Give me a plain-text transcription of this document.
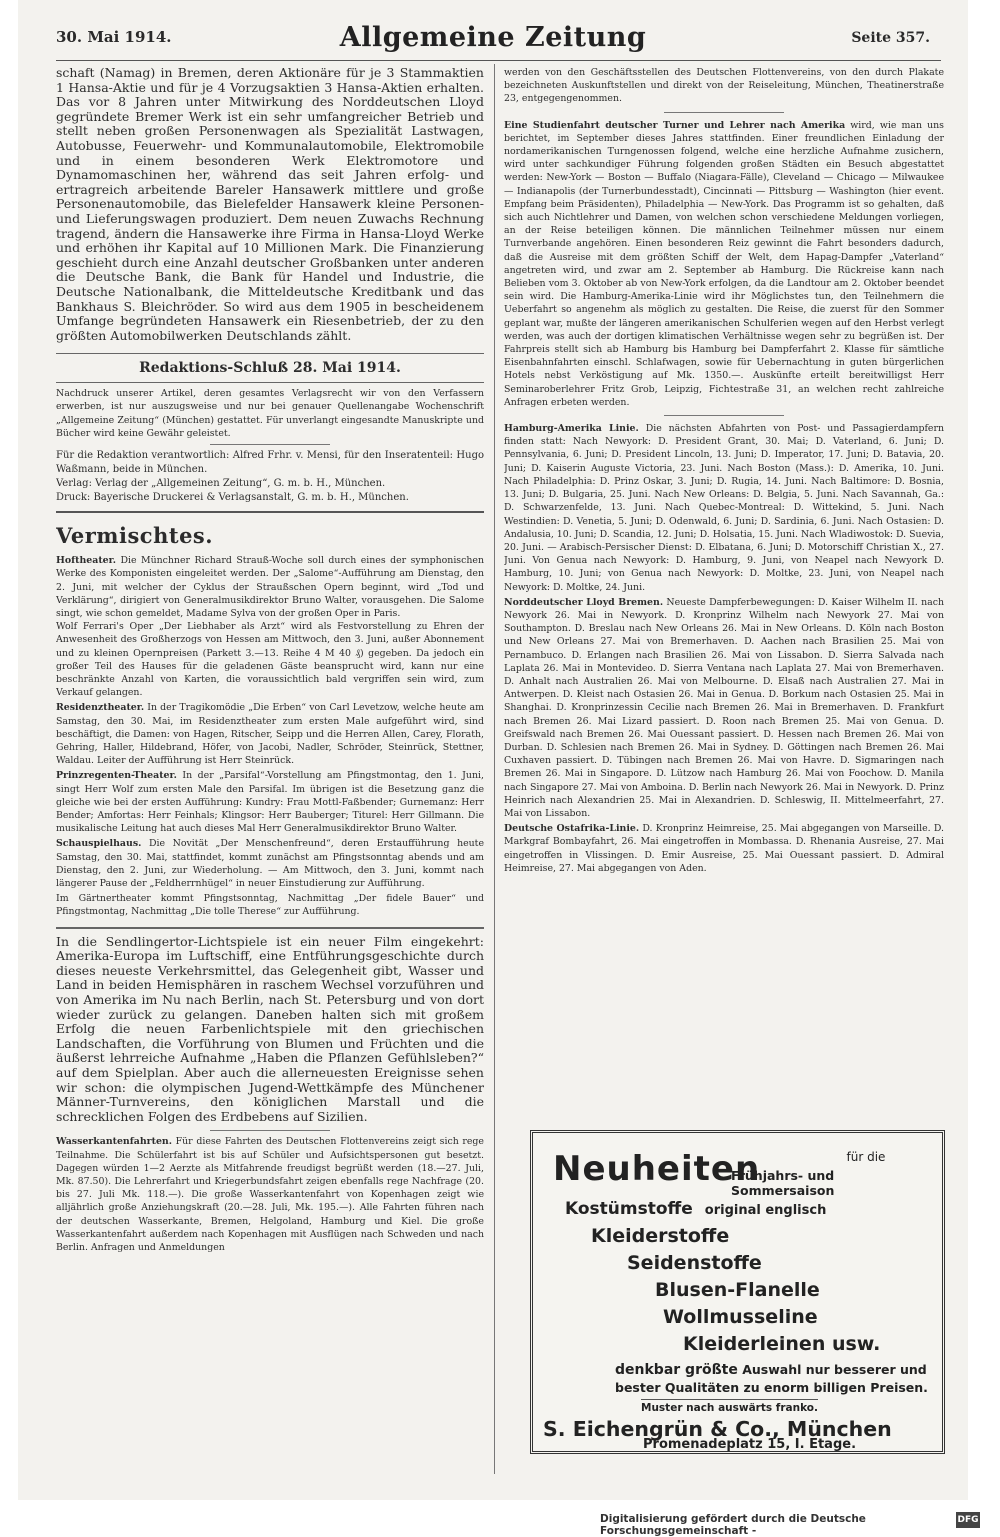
30. Mai 1914.	Allgemeine Zeitung	Seite 357.

schaft (Namag) in Bremen, deren Aktionäre für je 3 Stammaktien 1 Hansa-Aktie und für je 4 Vorzugsaktien 3 Hansa-Aktien erhalten. Das vor 8 Jahren unter Mitwirkung des Norddeutschen Lloyd gegründete Bremer Werk ist ein sehr umfangreicher Betrieb und stellt neben großen Personenwagen als Spezialität Lastwagen, Autobusse, Feuerwehr- und Kommunalautomobile, Elektromobile und in einem besonderen Werk Elektromotore und Dynamomaschinen her, während das seit Jahren erfolg- und ertragreich arbeitende Bareler Hansawerk mittlere und große Personenautomobile, das Bielefelder Hansawerk kleine Personen- und Lieferungswagen produziert. Dem neuen Zuwachs Rechnung tragend, ändern die Hansawerke ihre Firma in Hansa-Lloyd Werke und erhöhen ihr Kapital auf 10 Millionen Mark. Die Finanzierung geschieht durch eine Anzahl deutscher Großbanken unter anderen die Deutsche Bank, die Bank für Handel und Industrie, die Deutsche Nationalbank, die Mitteldeutsche Kreditbank und das Bankhaus S. Bleichröder. So wird aus dem 1905 in bescheidenem Umfange begründeten Hansawerk ein Riesenbetrieb, der zu den größten Automobilwerken Deutschlands zählt.

Redaktions-Schluß 28. Mai 1914.

Nachdruck unserer Artikel, deren gesamtes Verlagsrecht wir von den Verfassern erwerben, ist nur auszugsweise und nur bei genauer Quellenangabe Wochenschrift „Allgemeine Zeitung“ (München) gestattet. Für unverlangt eingesandte Manuskripte und Bücher wird keine Gewähr geleistet.

Für die Redaktion verantwortlich: Alfred Frhr. v. Mensi, für den Inseratenteil: Hugo Waßmann, beide in München.

Verlag: Verlag der „Allgemeinen Zeitung“, G. m. b. H., München.

Druck: Bayerische Druckerei & Verlagsanstalt, G. m. b. H., München.

Vermischtes.

Hoftheater. Die Münchner Richard Strauß-Woche soll durch eines der symphonischen Werke des Komponisten eingeleitet werden. Der „Salome“-Aufführung am Dienstag, den 2. Juni, mit welcher der Cyklus der Straußschen Opern beginnt, wird „Tod und Verklärung“, dirigiert von Generalmusikdirektor Bruno Walter, vorausgehen. Die Salome singt, wie schon gemeldet, Madame Sylva von der großen Oper in Paris.

Wolf Ferrari's Oper „Der Liebhaber als Arzt“ wird als Festvorstellung zu Ehren der Anwesenheit des Großherzogs von Hessen am Mittwoch, den 3. Juni, außer Abonnement und zu kleinen Opernpreisen (Parkett 3.—13. Reihe 4 M 40 ₰) gegeben. Da jedoch ein großer Teil des Hauses für die geladenen Gäste beansprucht wird, kann nur eine beschränkte Anzahl von Karten, die voraussichtlich bald vergriffen sein wird, zum Verkauf gelangen.

Residenztheater. In der Tragikomödie „Die Erben“ von Carl Levetzow, welche heute am Samstag, den 30. Mai, im Residenztheater zum ersten Male aufgeführt wird, sind beschäftigt, die Damen: von Hagen, Ritscher, Seipp und die Herren Allen, Carey, Florath, Gehring, Haller, Hildebrand, Höfer, von Jacobi, Nadler, Schröder, Steinrück, Stettner, Waldau. Leiter der Aufführung ist Herr Steinrück.

Prinzregenten-Theater. In der „Parsifal“-Vorstellung am Pfingstmontag, den 1. Juni, singt Herr Wolf zum ersten Male den Parsifal. Im übrigen ist die Besetzung ganz die gleiche wie bei der ersten Aufführung: Kundry: Frau Mottl-Faßbender; Gurnemanz: Herr Bender; Amfortas: Herr Feinhals; Klingsor: Herr Bauberger; Titurel: Herr Gillmann. Die musikalische Leitung hat auch dieses Mal Herr Generalmusikdirektor Bruno Walter.

Schauspielhaus. Die Novität „Der Menschenfreund“, deren Erstaufführung heute Samstag, den 30. Mai, stattfindet, kommt zunächst am Pfingstsonntag abends und am Dienstag, den 2. Juni, zur Wiederholung. — Am Mittwoch, den 3. Juni, kommt nach längerer Pause der „Feldherrnhügel“ in neuer Einstudierung zur Aufführung.

Im Gärtnertheater kommt Pfingstsonntag, Nachmittag „Der fidele Bauer“ und Pfingstmontag, Nachmittag „Die tolle Therese“ zur Aufführung.

In die Sendlingertor-Lichtspiele ist ein neuer Film eingekehrt: Amerika-Europa im Luftschiff, eine Entführungsgeschichte durch dieses neueste Verkehrsmittel, das Gelegenheit gibt, Wasser und Land in beiden Hemisphären in raschem Wechsel vorzuführen und von Amerika im Nu nach Berlin, nach St. Petersburg und von dort wieder zurück zu gelangen. Daneben halten sich mit großem Erfolg die neuen Farbenlichtspiele mit den griechischen Landschaften, die Vorführung von Blumen und Früchten und die äußerst lehrreiche Aufnahme „Haben die Pflanzen Gefühlsleben?“ auf dem Spielplan. Aber auch die allerneuesten Ereignisse sehen wir schon: die olympischen Jugend-Wettkämpfe des Münchener Männer-Turnvereins, den königlichen Marstall und die schrecklichen Folgen des Erdbebens auf Sizilien.

Wasserkantenfahrten. Für diese Fahrten des Deutschen Flottenvereins zeigt sich rege Teilnahme. Die Schülerfahrt ist bis auf Schüler und Aufsichtspersonen gut besetzt. Dagegen würden 1—2 Aerzte als Mitfahrende freudigst begrüßt werden (18.—27. Juli, Mk. 87.50). Die Lehrerfahrt und Kriegerbundsfahrt zeigen ebenfalls rege Nachfrage (20. bis 27. Juli Mk. 118.—). Die große Wasserkantenfahrt von Kopenhagen zeigt wie alljährlich große Anziehungskraft (20.—28. Juli, Mk. 195.—). Alle Fahrten führen nach der deutschen Wasserkante, Bremen, Helgoland, Hamburg und Kiel. Die große Wasserkantenfahrt außerdem nach Kopenhagen mit Ausflügen nach Schweden und nach Berlin. Anfragen und Anmeldungen

werden von den Geschäftsstellen des Deutschen Flottenvereins, von den durch Plakate bezeichneten Auskunftstellen und direkt von der Reiseleitung, München, Theatinerstraße 23, entgegengenommen.

Eine Studienfahrt deutscher Turner und Lehrer nach Amerika wird, wie man uns berichtet, im September dieses Jahres stattfinden. Einer freundlichen Einladung der nordamerikanischen Turngenossen folgend, welche eine herzliche Aufnahme zusichern, wird unter sachkundiger Führung folgenden großen Städten ein Besuch abgestattet werden: New-York — Boston — Buffalo (Niagara-Fälle), Cleveland — Chicago — Milwaukee — Indianapolis (der Turnerbundesstadt), Cincinnati — Pittsburg — Washington (hier event. Empfang beim Präsidenten), Philadelphia — New-York. Das Programm ist so gehalten, daß sich auch Nichtlehrer und Damen, von welchen schon verschiedene Meldungen vorliegen, an der Reise beteiligen können. Die männlichen Teilnehmer müssen nur einem Turnverbande angehören. Einen besonderen Reiz gewinnt die Fahrt besonders dadurch, daß die Ausreise mit dem größten Schiff der Welt, dem Hapag-Dampfer „Vaterland“ angetreten wird, und zwar am 2. September ab Hamburg. Die Rückreise kann nach Belieben vom 3. Oktober ab von New-York erfolgen, da die Landtour am 2. Oktober beendet sein wird. Die Hamburg-Amerika-Linie wird ihr Möglichstes tun, den Teilnehmern die Ueberfahrt so angenehm als möglich zu gestalten. Die Reise, die zuerst für den Sommer geplant war, mußte der längeren amerikanischen Schulferien wegen auf den Herbst verlegt werden, was auch der dortigen klimatischen Verhältnisse wegen sehr zu begrüßen ist. Der Fahrpreis stellt sich ab Hamburg bis Hamburg bei Dampferfahrt 2. Klasse für sämtliche Eisenbahnfahrten einschl. Schlafwagen, sowie für Uebernachtung in guten bürgerlichen Hotels nebst Verköstigung auf Mk. 1350.—. Auskünfte erteilt bereitwilligst Herr Seminaroberlehrer Fritz Grob, Leipzig, Fichtestraße 31, an welchen recht zahlreiche Anfragen erbeten werden.

Hamburg-Amerika Linie. Die nächsten Abfahrten von Post- und Passagierdampfern finden statt: Nach Newyork: D. President Grant, 30. Mai; D. Vaterland, 6. Juni; D. Pennsylvania, 6. Juni; D. President Lincoln, 13. Juni; D. Imperator, 17. Juni; D. Batavia, 20. Juni; D. Kaiserin Auguste Victoria, 23. Juni. Nach Boston (Mass.): D. Amerika, 10. Juni. Nach Philadelphia: D. Prinz Oskar, 3. Juni; D. Rugia, 14. Juni. Nach Baltimore: D. Bosnia, 13. Juni; D. Bulgaria, 25. Juni. Nach New Orleans: D. Belgia, 5. Juni. Nach Savannah, Ga.: D. Schwarzenfelde, 13. Juni. Nach Quebec-Montreal: D. Wittekind, 5. Juni. Nach Westindien: D. Venetia, 5. Juni; D. Odenwald, 6. Juni; D. Sardinia, 6. Juni. Nach Ostasien: D. Andalusia, 10. Juni; D. Scandia, 12. Juni; D. Holsatia, 15. Juni. Nach Wladiwostok: D. Suevia, 20. Juni. — Arabisch-Persischer Dienst: D. Elbatana, 6. Juni; D. Motorschiff Christian X., 27. Juni. Von Genua nach Newyork: D. Hamburg, 9. Juni, von Neapel nach Newyork D. Hamburg, 10. Juni; von Genua nach Newyork: D. Moltke, 23. Juni, von Neapel nach Newyork: D. Moltke, 24. Juni.

Norddeutscher Lloyd Bremen. Neueste Dampferbewegungen: D. Kaiser Wilhelm II. nach Newyork 26. Mai in Newyork. D. Kronprinz Wilhelm nach Newyork 27. Mai von Southampton. D. Breslau nach New Orleans 26. Mai in New Orleans. D. Köln nach Boston und New Orleans 27. Mai von Bremerhaven. D. Aachen nach Brasilien 25. Mai von Pernambuco. D. Erlangen nach Brasilien 26. Mai von Lissabon. D. Sierra Salvada nach Laplata 26. Mai in Montevideo. D. Sierra Ventana nach Laplata 27. Mai von Bremerhaven. D. Anhalt nach Australien 26. Mai von Melbourne. D. Elsaß nach Australien 27. Mai in Antwerpen. D. Kleist nach Ostasien 26. Mai in Genua. D. Borkum nach Ostasien 25. Mai in Shanghai. D. Kronprinzessin Cecilie nach Bremen 26. Mai in Bremerhaven. D. Frankfurt nach Bremen 26. Mai Lizard passiert. D. Roon nach Bremen 25. Mai von Genua. D. Greifswald nach Bremen 26. Mai Ouessant passiert. D. Hessen nach Bremen 26. Mai von Durban. D. Schlesien nach Bremen 26. Mai in Sydney. D. Göttingen nach Bremen 26. Mai Cuxhaven passiert. D. Tübingen nach Bremen 26. Mai von Havre. D. Sigmaringen nach Bremen 26. Mai in Singapore. D. Lützow nach Hamburg 26. Mai von Foochow. D. Manila nach Singapore 27. Mai von Amboina. D. Berlin nach Newyork 26. Mai in Newyork. D. Prinz Heinrich nach Alexandrien 25. Mai in Alexandrien. D. Schleswig, II. Mittelmeerfahrt, 27. Mai von Lissabon.

Deutsche Ostafrika-Linie. D. Kronprinz Heimreise, 25. Mai abgegangen von Marseille. D. Markgraf Bombayfahrt, 26. Mai eingetroffen in Mombassa. D. Rhenania Ausreise, 27. Mai eingetroffen in Vlissingen. D. Emir Ausreise, 25. Mai Ouessant passiert. D. Admiral Heimreise, 27. Mai abgegangen von Aden.

Neuheiten	für die
Frühjahrs- und Sommersaison
Kostümstoffe original englisch
Kleiderstoffe
Seidenstoffe
Blusen-Flanelle
Wollmusseline
Kleiderleinen usw.
denkbar größte Auswahl nur besserer und
bester Qualitäten zu enorm billigen Preisen.
Muster nach auswärts franko.
S. Eichengrün & Co., München
Promenadeplatz 15, I. Etage.
Digitalisierung gefördert durch die Deutsche Forschungsgemeinschaft -
DFG
